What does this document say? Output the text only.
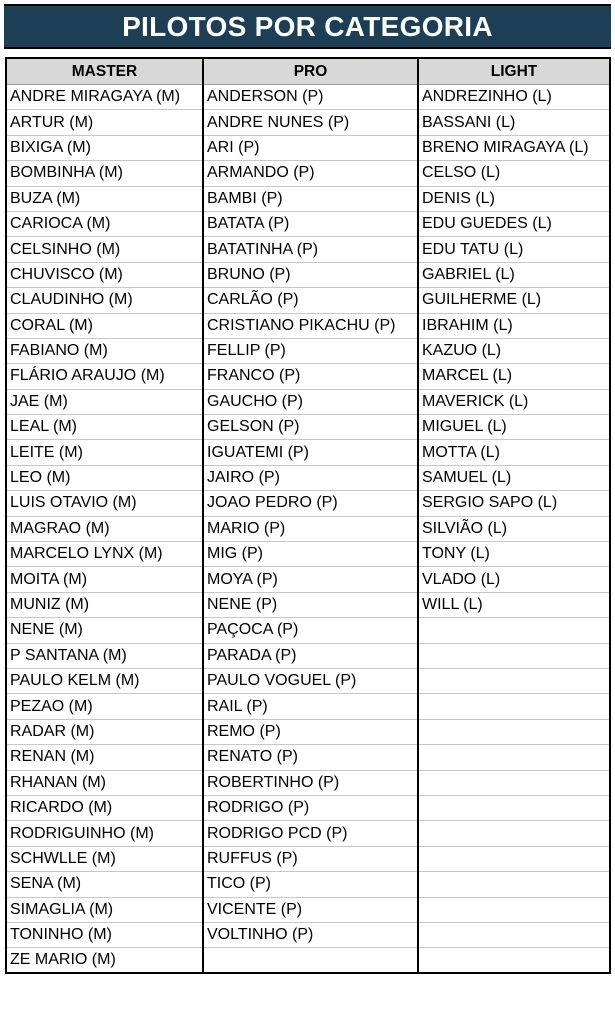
PILOTOS POR CATEGORIA
MASTER	PRO	LIGHT
ANDRE MIRAGAYA (M)	ANDERSON (P)	ANDREZINHO (L)
ARTUR (M)	ANDRE NUNES (P)	BASSANI (L)
BIXIGA (M)	ARI (P)	BRENO MIRAGAYA (L)
BOMBINHA (M)	ARMANDO (P)	CELSO (L)
BUZA (M)	BAMBI (P)	DENIS (L)
CARIOCA (M)	BATATA (P)	EDU GUEDES (L)
CELSINHO (M)	BATATINHA (P)	EDU TATU (L)
CHUVISCO (M)	BRUNO (P)	GABRIEL (L)
CLAUDINHO (M)	CARLÃO (P)	GUILHERME (L)
CORAL (M)	CRISTIANO PIKACHU (P)	IBRAHIM (L)
FABIANO (M)	FELLIP (P)	KAZUO (L)
FLÁRIO ARAUJO (M)	FRANCO (P)	MARCEL (L)
JAE (M)	GAUCHO (P)	MAVERICK (L)
LEAL (M)	GELSON (P)	MIGUEL (L)
LEITE (M)	IGUATEMI (P)	MOTTA (L)
LEO (M)	JAIRO (P)	SAMUEL (L)
LUIS OTAVIO (M)	JOAO PEDRO (P)	SERGIO SAPO (L)
MAGRAO (M)	MARIO (P)	SILVIÃO (L)
MARCELO LYNX (M)	MIG (P)	TONY (L)
MOITA (M)	MOYA (P)	VLADO (L)
MUNIZ (M)	NENE (P)	WILL (L)
NENE (M)	PAÇOCA (P)	
P SANTANA (M)	PARADA (P)	
PAULO KELM (M)	PAULO VOGUEL (P)	
PEZAO (M)	RAIL (P)	
RADAR (M)	REMO (P)	
RENAN (M)	RENATO (P)	
RHANAN (M)	ROBERTINHO (P)	
RICARDO (M)	RODRIGO (P)	
RODRIGUINHO (M)	RODRIGO PCD (P)	
SCHWLLE (M)	RUFFUS (P)	
SENA (M)	TICO (P)	
SIMAGLIA (M)	VICENTE (P)	
TONINHO (M)	VOLTINHO (P)	
ZE MARIO (M)		
